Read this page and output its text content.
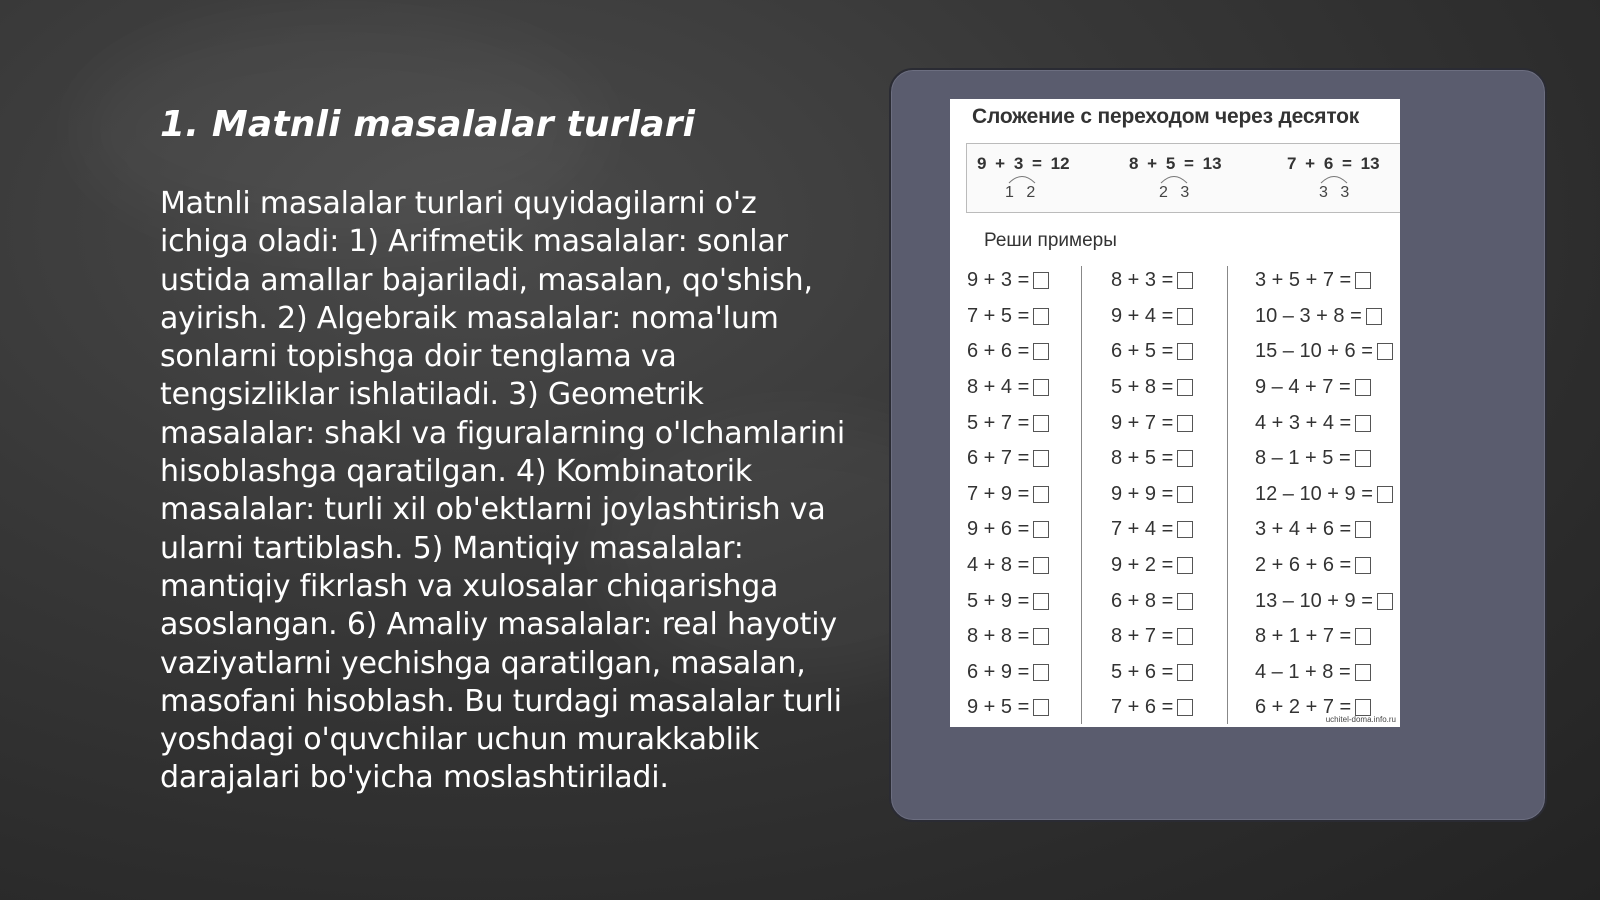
1. Matnli masalalar turlari

Matnli masalalar turlari quyidagilarni o'z ichiga oladi: 1) Arifmetik masalalar: sonlar ustida amallar bajariladi, masalan, qo'shish, ayirish. 2) Algebraik masalalar: noma'lum sonlarni topishga doir tenglama va tengsizliklar ishlatiladi. 3) Geometrik masalalar: shakl va figuralarning o'lchamlarini hisoblashga qaratilgan. 4) Kombinatorik masalalar: turli xil ob'ektlarni joylashtirish va ularni tartiblash. 5) Mantiqiy masalalar: mantiqiy fikrlash va xulosalar chiqarishga asoslangan. 6) Amaliy masalalar: real hayotiy vaziyatlarni yechishga qaratilgan, masalan, masofani hisoblash. Bu turdagi masalalar turli yoshdagi o'quvchilar uchun murakkablik darajalari bo'yicha moslashtiriladi.

Сложение с переходом через десяток
9 + 3 = 12
1 2
8 + 5 = 13
2 3
7 + 6 = 13
3 3
Реши примеры
9 + 3 =
7 + 5 =
6 + 6 =
8 + 4 =
5 + 7 =
6 + 7 =
7 + 9 =
9 + 6 =
4 + 8 =
5 + 9 =
8 + 8 =
6 + 9 =
9 + 5 =
8 + 3 =
9 + 4 =
6 + 5 =
5 + 8 =
9 + 7 =
8 + 5 =
9 + 9 =
7 + 4 =
9 + 2 =
6 + 8 =
8 + 7 =
5 + 6 =
7 + 6 =
3 + 5 + 7 =
10 – 3 + 8 =
15 – 10 + 6 =
9 – 4 + 7 =
4 + 3 + 4 =
8 – 1 + 5 =
12 – 10 + 9 =
3 + 4 + 6 =
2 + 6 + 6 =
13 – 10 + 9 =
8 + 1 + 7 =
4 – 1 + 8 =
6 + 2 + 7 =
uchitel-doma.info.ru
